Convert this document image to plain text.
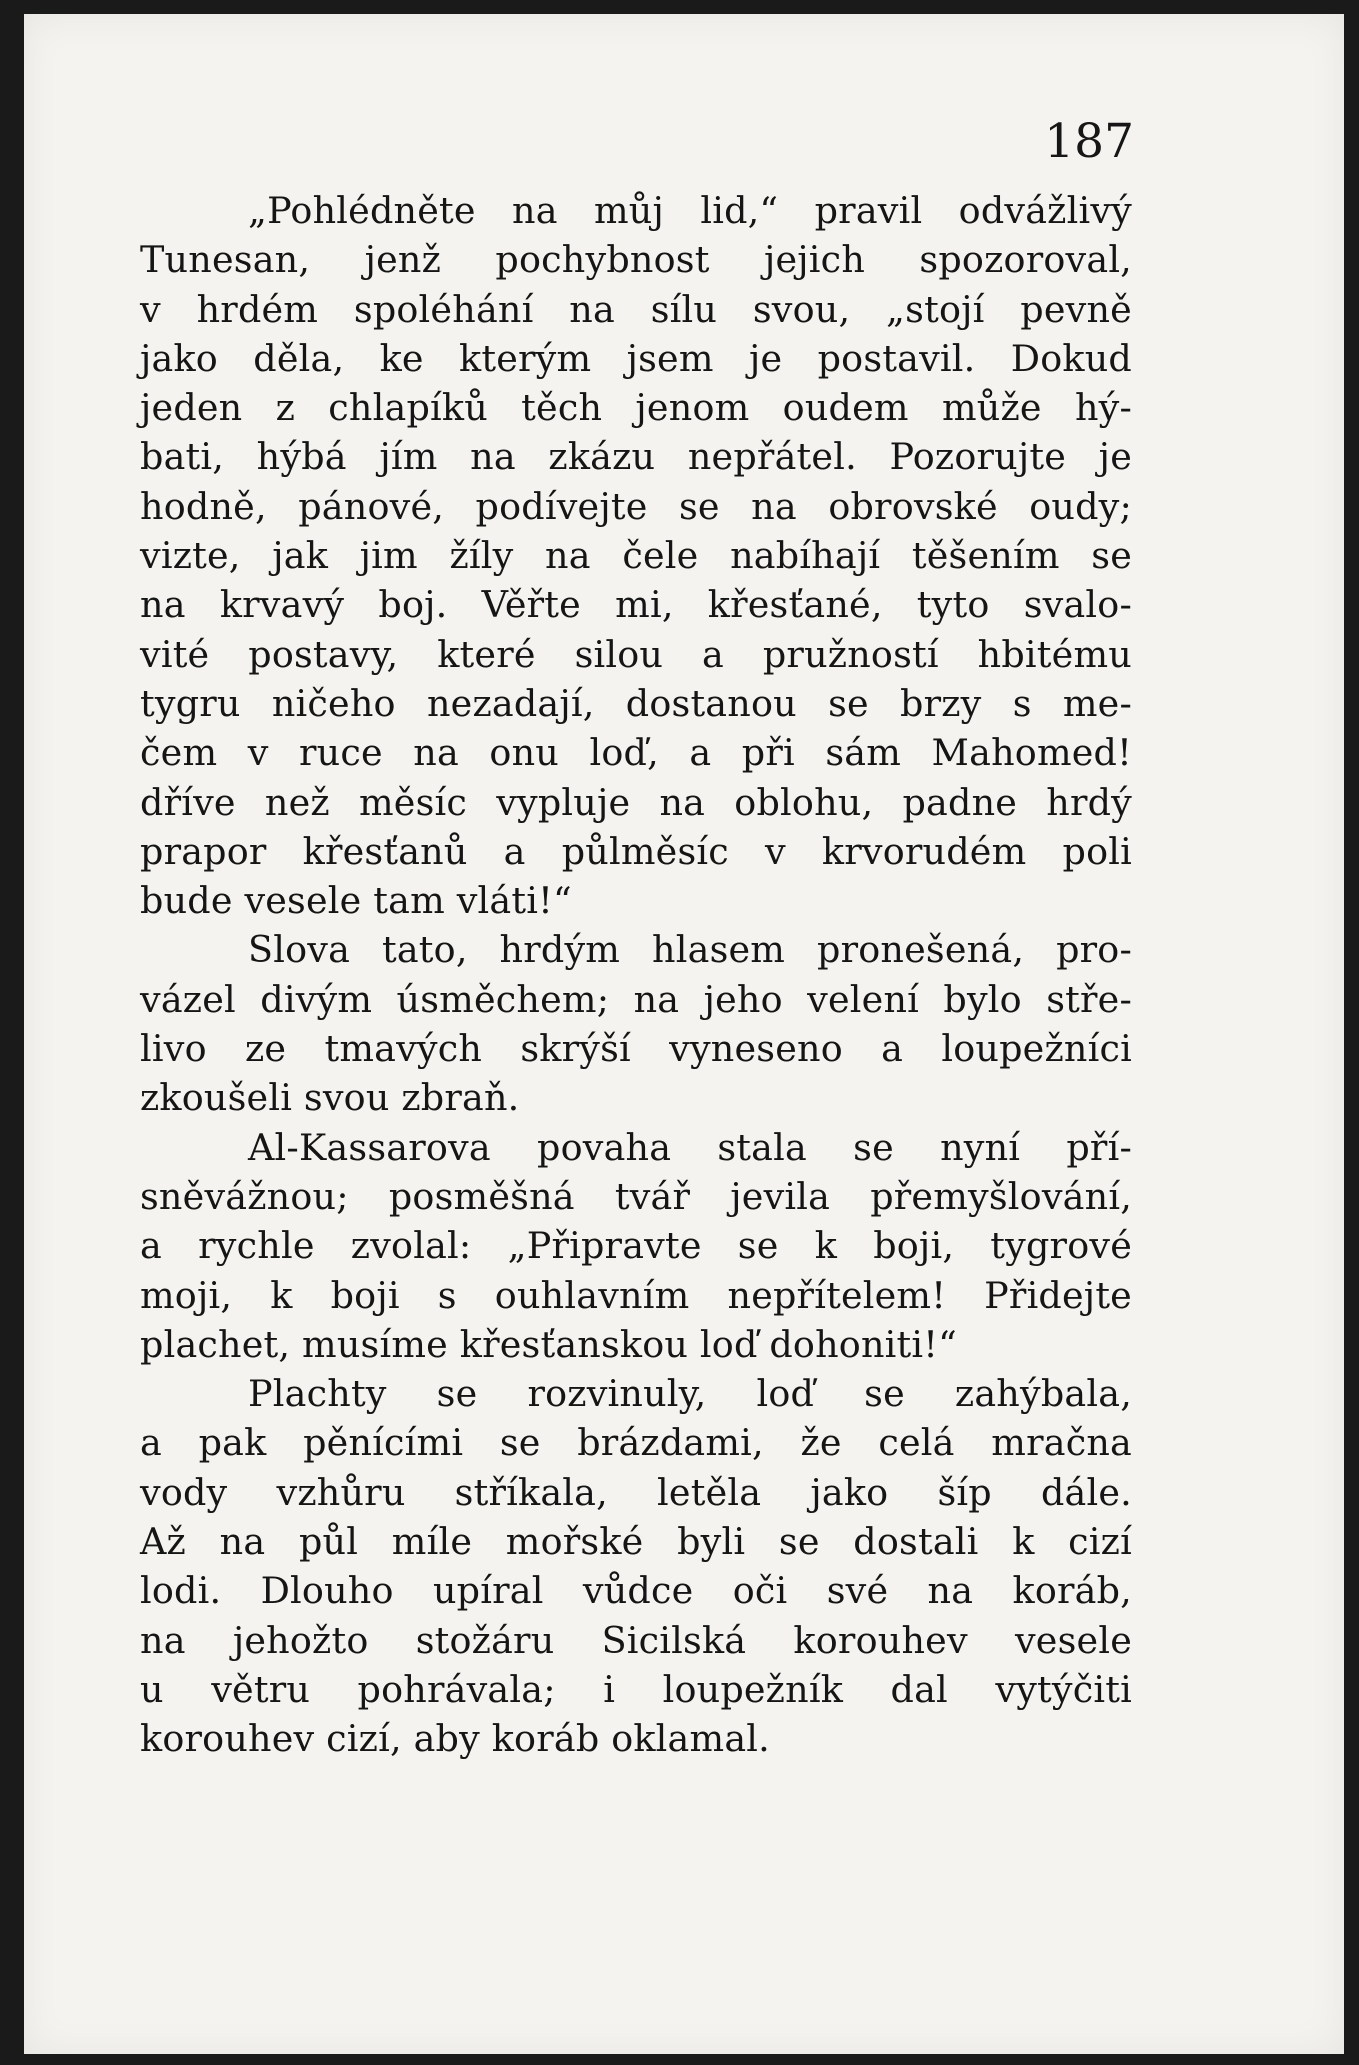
187

„Pohlédněte na můj lid,“ pravil odvážlivý
Tunesan, jenž pochybnost jejich spozoroval,
v hrdém spoléhání na sílu svou, „stojí pevně
jako děla, ke kterým jsem je postavil. Dokud
jeden z chlapíků těch jenom oudem může hý-
bati, hýbá jím na zkázu nepřátel. Pozorujte je
hodně, pánové, podívejte se na obrovské oudy;
vizte, jak jim žíly na čele nabíhají těšením se
na krvavý boj. Věřte mi, křesťané, tyto svalo-
vité postavy, které silou a pružností hbitému
tygru ničeho nezadají, dostanou se brzy s me-
čem v ruce na onu loď, a při sám Mahomed!
dříve než měsíc vypluje na oblohu, padne hrdý
prapor křesťanů a půlměsíc v krvorudém poli
bude vesele tam vláti!“
Slova tato, hrdým hlasem pronešená, pro-
vázel divým úsměchem; na jeho velení bylo stře-
livo ze tmavých skrýší vyneseno a loupežníci
zkoušeli svou zbraň.
Al-Kassarova povaha stala se nyní pří-
sněvážnou; posměšná tvář jevila přemyšlování,
a rychle zvolal: „Připravte se k boji, tygrové
moji, k boji s ouhlavním nepřítelem! Přidejte
plachet, musíme křesťanskou loď dohoniti!“
Plachty se rozvinuly, loď se zahýbala,
a pak pěnícími se brázdami, že celá mračna
vody vzhůru stříkala, letěla jako šíp dále.
Až na půl míle mořské byli se dostali k cizí
lodi. Dlouho upíral vůdce oči své na koráb,
na jehožto stožáru Sicilská korouhev vesele
u větru pohrávala; i loupežník dal vytýčiti
korouhev cizí, aby koráb oklamal.
